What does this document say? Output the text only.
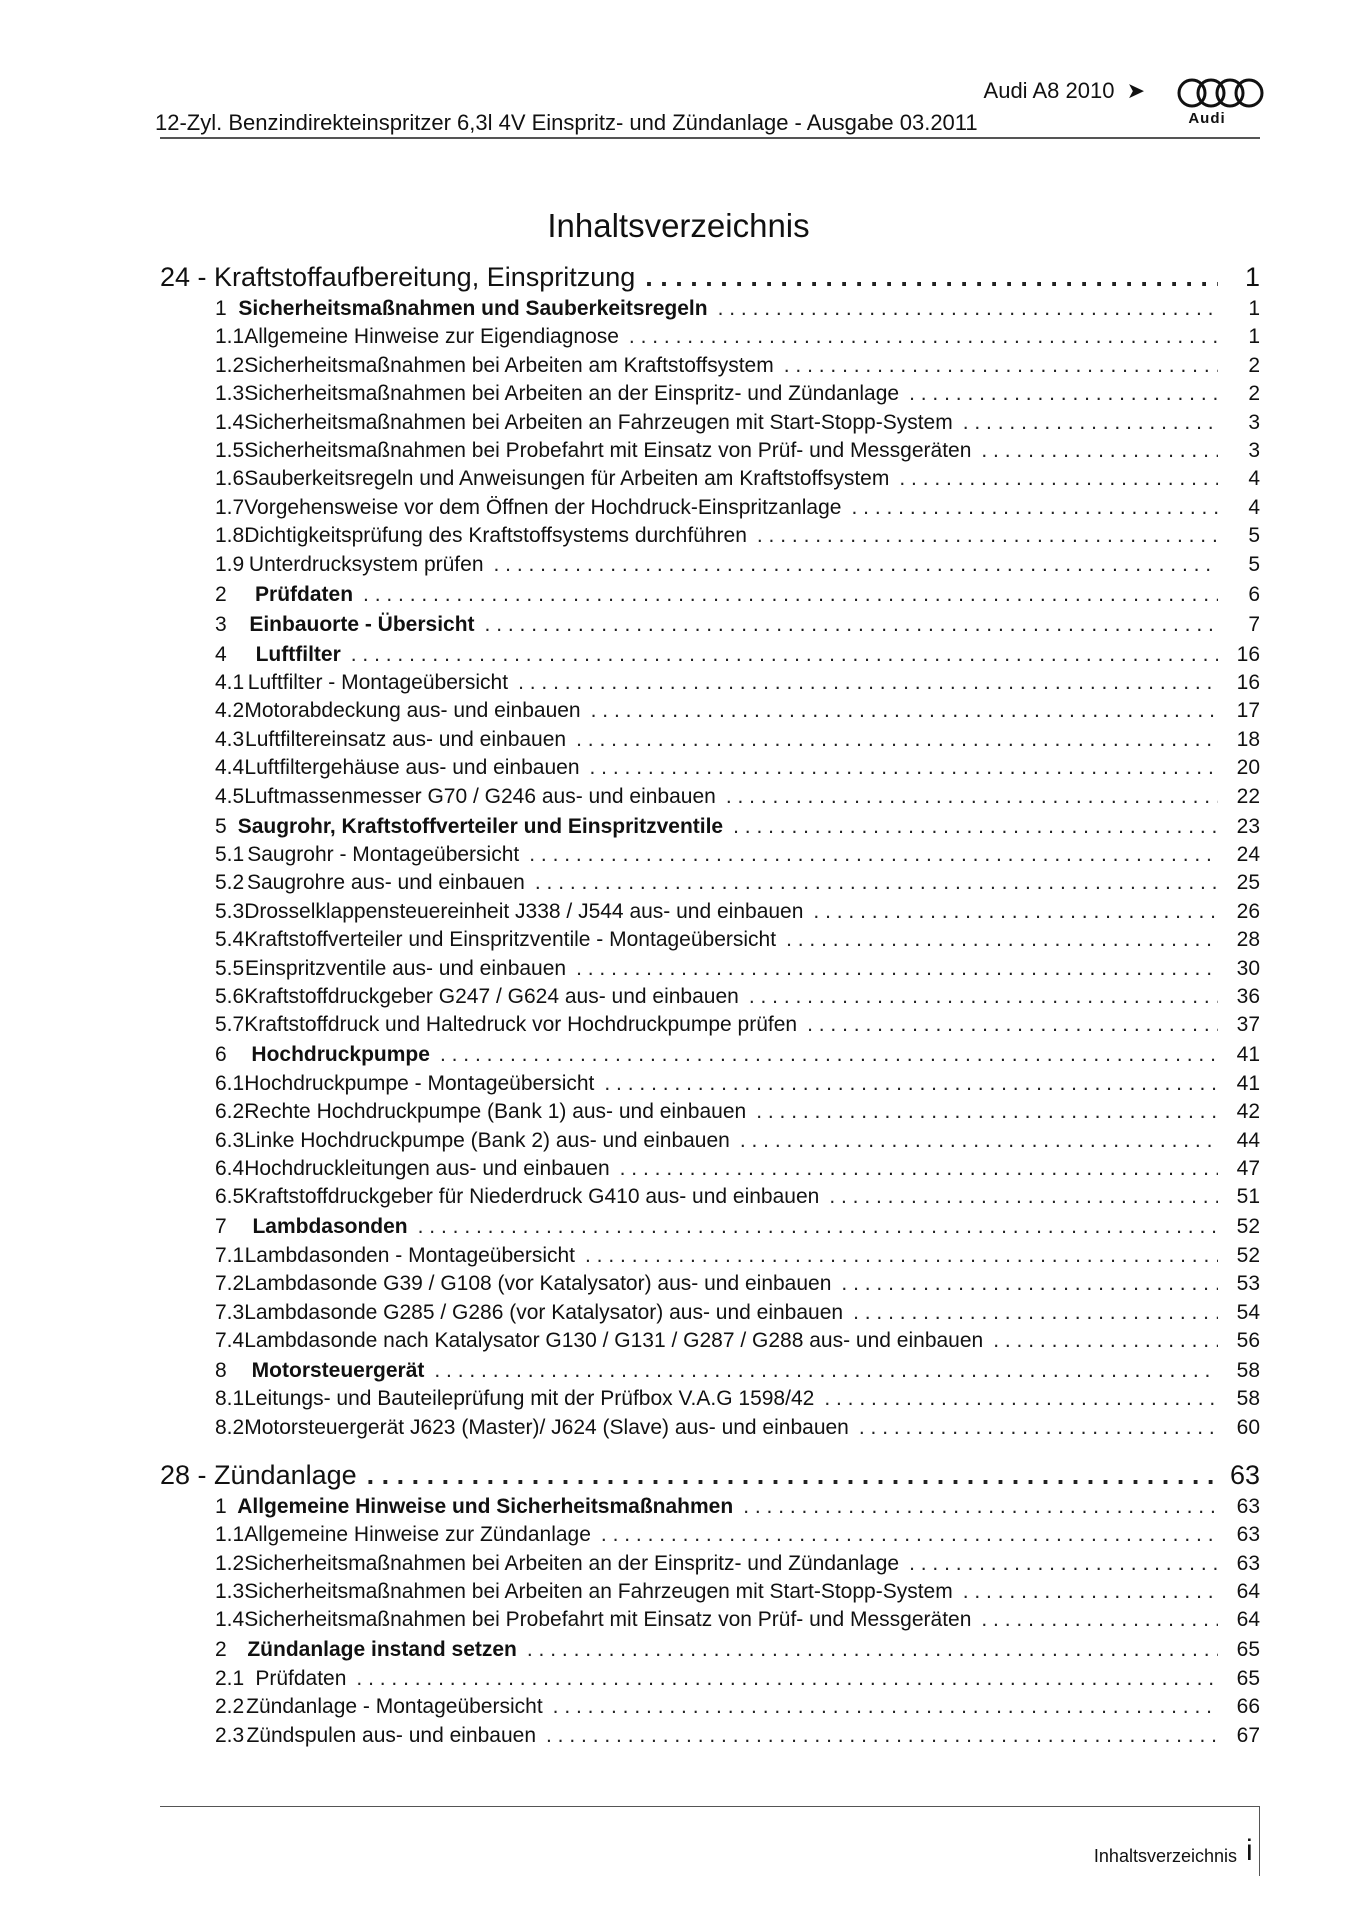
Audi A8 2010 ➤
12-Zyl. Benzindirekteinspritzer 6,3l 4V Einspritz- und Zündanlage - Ausgabe 03.2011	Audi
Inhaltsverzeichnis
24 - Kraftstoffaufbereitung, Einspritzung . . .	1
1 Sicherheitsmaßnahmen und Sauberkeitsregeln . . .	1
1.1 Allgemeine Hinweise zur Eigendiagnose . . .	1
1.2 Sicherheitsmaßnahmen bei Arbeiten am Kraftstoffsystem . . .	2
1.3 Sicherheitsmaßnahmen bei Arbeiten an der Einspritz- und Zündanlage . . .	2
1.4 Sicherheitsmaßnahmen bei Arbeiten an Fahrzeugen mit Start-Stopp-System . . .	3
1.5 Sicherheitsmaßnahmen bei Probefahrt mit Einsatz von Prüf- und Messgeräten . . .	3
1.6 Sauberkeitsregeln und Anweisungen für Arbeiten am Kraftstoffsystem . . .	4
1.7 Vorgehensweise vor dem Öffnen der Hochdruck-Einspritzanlage . . .	4
1.8 Dichtigkeitsprüfung des Kraftstoffsystems durchführen . . .	5
1.9 Unterdrucksystem prüfen . . .	5
2	Prüfdaten . . .	6
3	Einbauorte - Übersicht . . .	7
4	Luftfilter . . .	16
4.1 Luftfilter - Montageübersicht . . .	16
4.2 Motorabdeckung aus- und einbauen . . .	17
4.3 Luftfiltereinsatz aus- und einbauen . . .	18
4.4 Luftfiltergehäuse aus- und einbauen . . .	20
4.5 Luftmassenmesser G70 / G246 aus- und einbauen . . .	22
5 Saugrohr, Kraftstoffverteiler und Einspritzventile . . .	23
5.1 Saugrohr - Montageübersicht . . .	24
5.2 Saugrohre aus- und einbauen . . .	25
5.3 Drosselklappensteuereinheit J338 / J544 aus- und einbauen . . .	26
5.4 Kraftstoffverteiler und Einspritzventile - Montageübersicht . . .	28
5.5 Einspritzventile aus- und einbauen . . .	30
5.6 Kraftstoffdruckgeber G247 / G624 aus- und einbauen . . .	36
5.7 Kraftstoffdruck und Haltedruck vor Hochdruckpumpe prüfen . . .	37
6	Hochdruckpumpe . . .	41
6.1 Hochdruckpumpe - Montageübersicht . . .	41
6.2 Rechte Hochdruckpumpe (Bank 1) aus- und einbauen . . .	42
6.3 Linke Hochdruckpumpe (Bank 2) aus- und einbauen . . .	44
6.4 Hochdruckleitungen aus- und einbauen . . .	47
6.5 Kraftstoffdruckgeber für Niederdruck G410 aus- und einbauen . . .	51
7	Lambdasonden . . .	52
7.1 Lambdasonden - Montageübersicht . . .	52
7.2 Lambdasonde G39 / G108 (vor Katalysator) aus- und einbauen . . .	53
7.3 Lambdasonde G285 / G286 (vor Katalysator) aus- und einbauen . . .	54
7.4 Lambdasonde nach Katalysator G130 / G131 / G287 / G288 aus- und einbauen . . .	56
8	Motorsteuergerät . . .	58
8.1 Leitungs- und Bauteileprüfung mit der Prüfbox V.A.G 1598/42 . . .	58
8.2 Motorsteuergerät J623 (Master)/ J624 (Slave) aus- und einbauen . . .	60
28 - Zündanlage . . .	63
1 Allgemeine Hinweise und Sicherheitsmaßnahmen . . .	63
1.1 Allgemeine Hinweise zur Zündanlage . . .	63
1.2 Sicherheitsmaßnahmen bei Arbeiten an der Einspritz- und Zündanlage . . .	63
1.3 Sicherheitsmaßnahmen bei Arbeiten an Fahrzeugen mit Start-Stopp-System . . .	64
1.4 Sicherheitsmaßnahmen bei Probefahrt mit Einsatz von Prüf- und Messgeräten . . .	64
2 Zündanlage instand setzen . . .	65
2.1 Prüfdaten . . .	65
2.2 Zündanlage - Montageübersicht . . .	66
2.3 Zündspulen aus- und einbauen . . .	67
Inhaltsverzeichnis i
